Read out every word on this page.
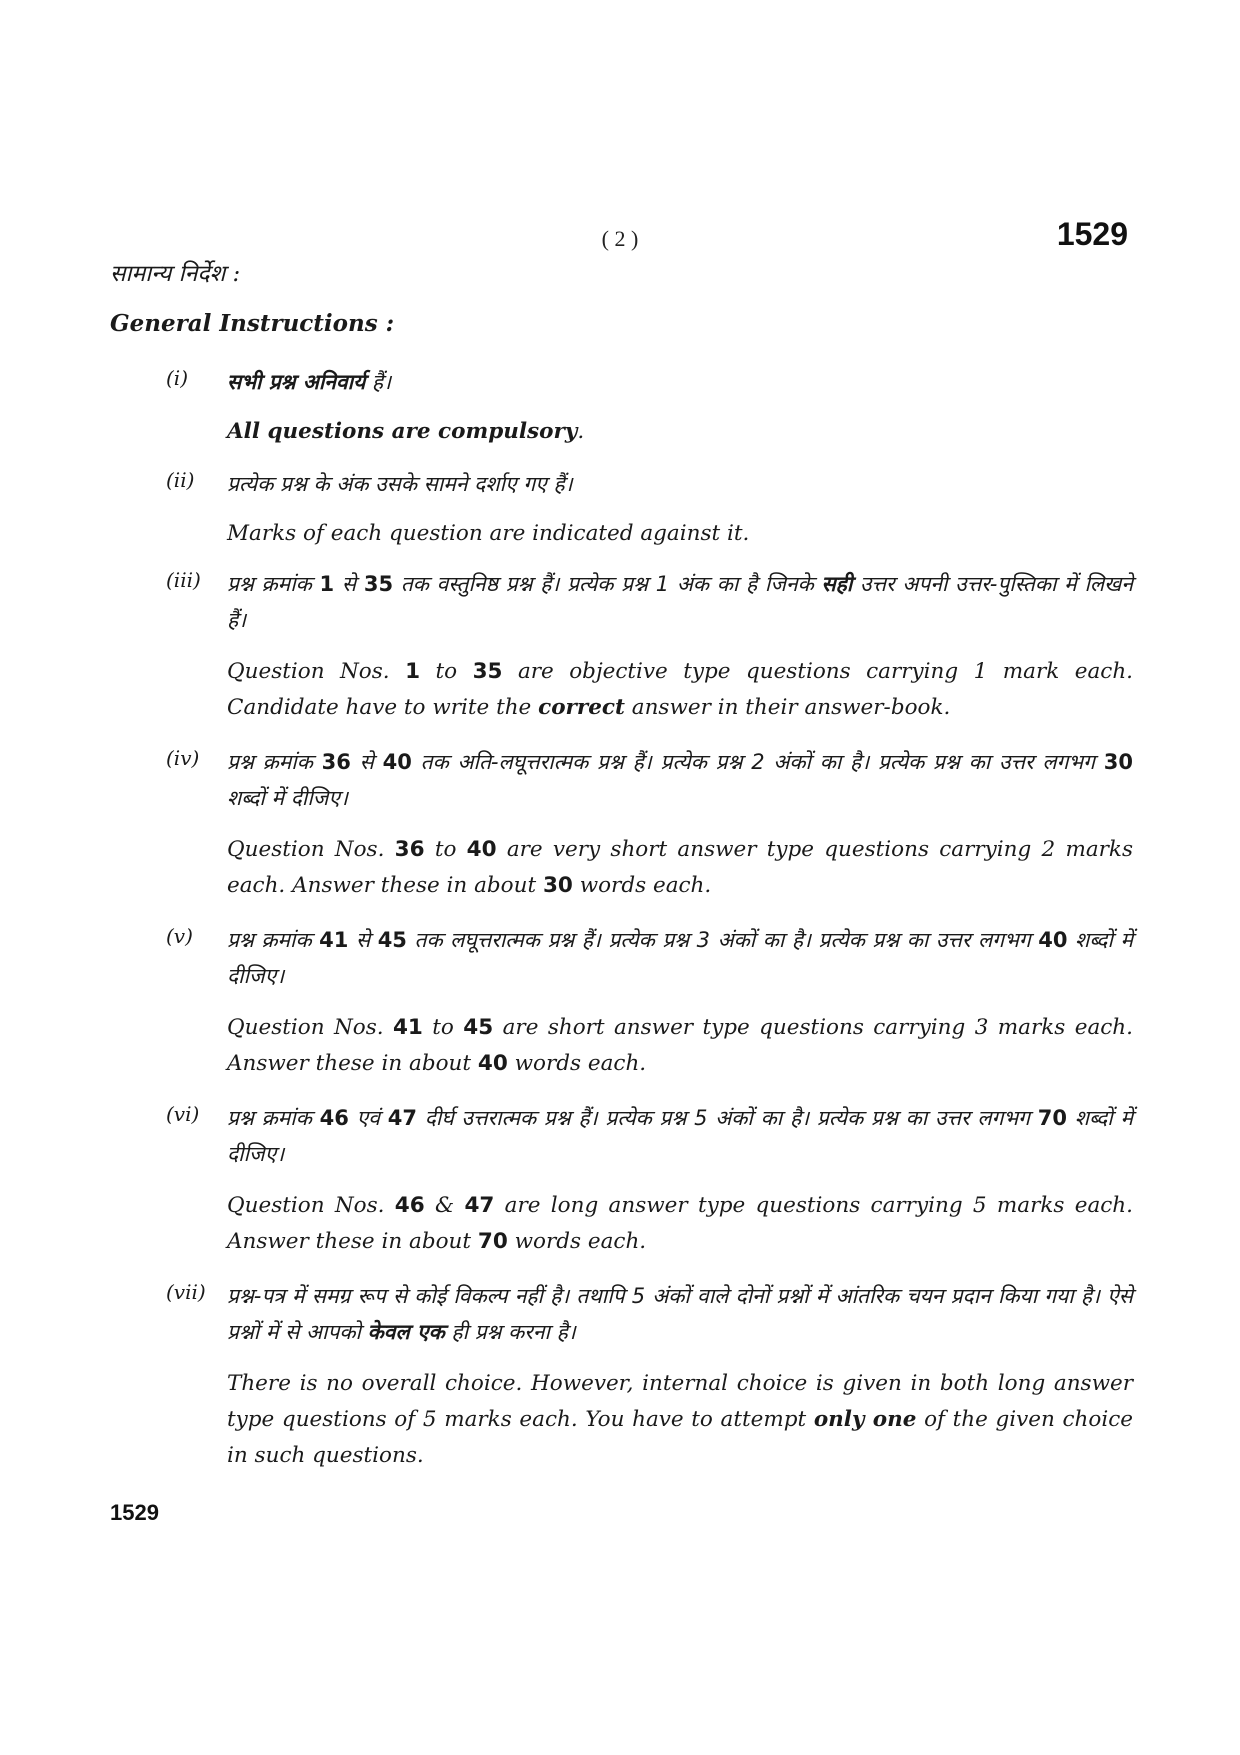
( 2 )	1529
सामान्य निर्देश :
General Instructions :
(i) सभी प्रश्न अनिवार्य हैं।
All questions are compulsory.
(ii) प्रत्येक प्रश्न के अंक उसके सामने दर्शाए गए हैं।
Marks of each question are indicated against it.
(iii) प्रश्न क्रमांक 1 से 35 तक वस्तुनिष्ठ प्रश्न हैं। प्रत्येक प्रश्न 1 अंक का है जिनके सही उत्तर अपनी उत्तर-पुस्तिका में लिखने हैं।
Question Nos. 1 to 35 are objective type questions carrying 1 mark each. Candidate have to write the correct answer in their answer-book.
(iv) प्रश्न क्रमांक 36 से 40 तक अति-लघूत्तरात्मक प्रश्न हैं। प्रत्येक प्रश्न 2 अंकों का है। प्रत्येक प्रश्न का उत्तर लगभग 30 शब्दों में दीजिए।
Question Nos. 36 to 40 are very short answer type questions carrying 2 marks each. Answer these in about 30 words each.
(v) प्रश्न क्रमांक 41 से 45 तक लघूत्तरात्मक प्रश्न हैं। प्रत्येक प्रश्न 3 अंकों का है। प्रत्येक प्रश्न का उत्तर लगभग 40 शब्दों में दीजिए।
Question Nos. 41 to 45 are short answer type questions carrying 3 marks each. Answer these in about 40 words each.
(vi) प्रश्न क्रमांक 46 एवं 47 दीर्घ उत्तरात्मक प्रश्न हैं। प्रत्येक प्रश्न 5 अंकों का है। प्रत्येक प्रश्न का उत्तर लगभग 70 शब्दों में दीजिए।
Question Nos. 46 & 47 are long answer type questions carrying 5 marks each. Answer these in about 70 words each.
(vii) प्रश्न-पत्र में समग्र रूप से कोई विकल्प नहीं है। तथापि 5 अंकों वाले दोनों प्रश्नों में आंतरिक चयन प्रदान किया गया है। ऐसे प्रश्नों में से आपको केवल एक ही प्रश्न करना है।
There is no overall choice. However, internal choice is given in both long answer type questions of 5 marks each. You have to attempt only one of the given choice in such questions.
1529
